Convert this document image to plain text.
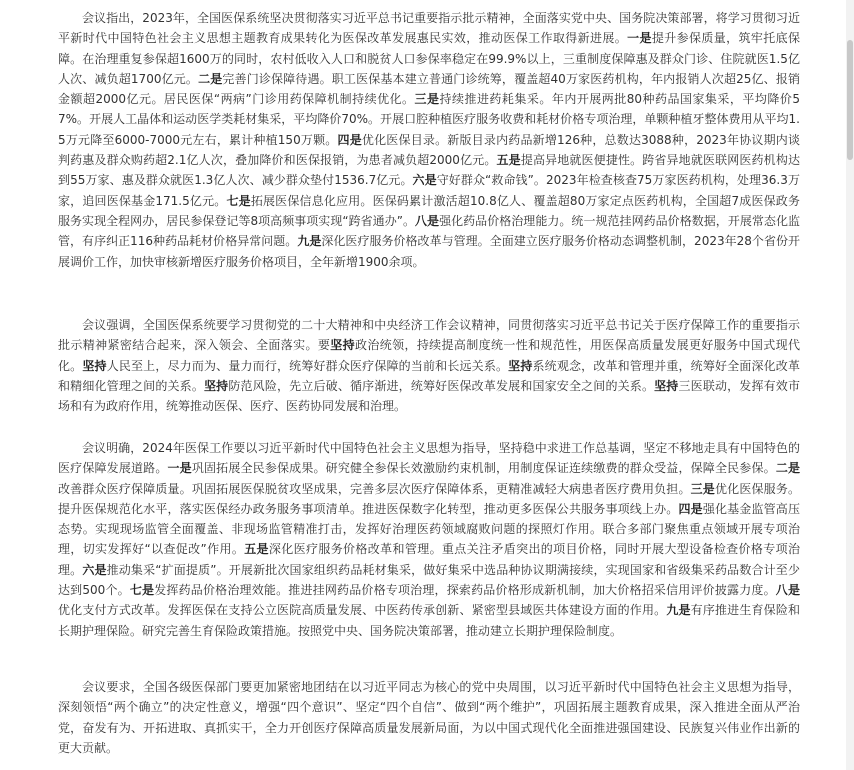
会议指出，2023年，全国医保系统坚决贯彻落实习近平总书记重要指示批示精神，全面落实党中央、国务院决策部署，将学习贯彻习近平新时代中国特色社会主义思想主题教育成果转化为医保改革发展惠民实效，推动医保工作取得新进展。一是提升参保质量，筑牢托底保障。在治理重复参保超1600万的同时，农村低收入人口和脱贫人口参保率稳定在99.9%以上，三重制度保障惠及群众门诊、住院就医1.5亿人次、减负超1700亿元。二是完善门诊保障待遇。职工医保基本建立普通门诊统筹，覆盖超40万家医药机构，年内报销人次超25亿、报销金额超2000亿元。居民医保“两病”门诊用药保障机制持续优化。三是持续推进药耗集采。年内开展两批80种药品国家集采，平均降价57%。开展人工晶体和运动医学类耗材集采，平均降价70%。开展口腔种植医疗服务收费和耗材价格专项治理，单颗种植牙整体费用从平均1.5万元降至6000-7000元左右，累计种植150万颗。四是优化医保目录。新版目录内药品新增126种，总数达3088种，2023年协议期内谈判药惠及群众购药超2.1亿人次，叠加降价和医保报销，为患者减负超2000亿元。五是提高异地就医便捷性。跨省异地就医联网医药机构达到55万家、惠及群众就医1.3亿人次、减少群众垫付1536.7亿元。六是守好群众“救命钱”。2023年检查核查75万家医药机构，处理36.3万家，追回医保基金171.5亿元。七是拓展医保信息化应用。医保码累计激活超10.8亿人、覆盖超80万家定点医药机构，全国超7成医保政务服务实现全程网办，居民参保登记等8项高频事项实现“跨省通办”。八是强化药品价格治理能力。统一规范挂网药品价格数据，开展常态化监管，有序纠正116种药品耗材价格异常问题。九是深化医疗服务价格改革与管理。全面建立医疗服务价格动态调整机制，2023年28个省份开展调价工作，加快审核新增医疗服务价格项目，全年新增1900余项。

会议强调，全国医保系统要学习贯彻党的二十大精神和中央经济工作会议精神，同贯彻落实习近平总书记关于医疗保障工作的重要指示批示精神紧密结合起来，深入领会、全面落实。要坚持政治统领，持续提高制度统一性和规范性，用医保高质量发展更好服务中国式现代化。坚持人民至上，尽力而为、量力而行，统筹好群众医疗保障的当前和长远关系。坚持系统观念，改革和管理并重，统筹好全面深化改革和精细化管理之间的关系。坚持防范风险，先立后破、循序渐进，统筹好医保改革发展和国家安全之间的关系。坚持三医联动，发挥有效市场和有为政府作用，统筹推动医保、医疗、医药协同发展和治理。

会议明确，2024年医保工作要以习近平新时代中国特色社会主义思想为指导，坚持稳中求进工作总基调，坚定不移地走具有中国特色的医疗保障发展道路。一是巩固拓展全民参保成果。研究健全参保长效激励约束机制，用制度保证连续缴费的群众受益，保障全民参保。二是改善群众医疗保障质量。巩固拓展医保脱贫攻坚成果，完善多层次医疗保障体系，更精准减轻大病患者医疗费用负担。三是优化医保服务。提升医保规范化水平，落实医保经办政务服务事项清单。推进医保数字化转型，推动更多医保公共服务事项线上办。四是强化基金监管高压态势。实现现场监管全面覆盖、非现场监管精准打击，发挥好治理医药领域腐败问题的探照灯作用。联合多部门聚焦重点领域开展专项治理，切实发挥好“以查促改”作用。五是深化医疗服务价格改革和管理。重点关注矛盾突出的项目价格，同时开展大型设备检查价格专项治理。六是推动集采“扩面提质”。开展新批次国家组织药品耗材集采，做好集采中选品种协议期满接续，实现国家和省级集采药品数合计至少达到500个。七是发挥药品价格治理效能。推进挂网药品价格专项治理，探索药品价格形成新机制，加大价格招采信用评价披露力度。八是优化支付方式改革。发挥医保在支持公立医院高质量发展、中医药传承创新、紧密型县域医共体建设方面的作用。九是有序推进生育保险和长期护理保险。研究完善生育保险政策措施。按照党中央、国务院决策部署，推动建立长期护理保险制度。

会议要求，全国各级医保部门要更加紧密地团结在以习近平同志为核心的党中央周围，以习近平新时代中国特色社会主义思想为指导，深刻领悟“两个确立”的决定性意义，增强“四个意识”、坚定“四个自信”、做到“两个维护”，巩固拓展主题教育成果，深入推进全面从严治党，奋发有为、开拓进取、真抓实干，全力开创医疗保障高质量发展新局面，为以中国式现代化全面推进强国建设、民族复兴伟业作出新的更大贡献。
